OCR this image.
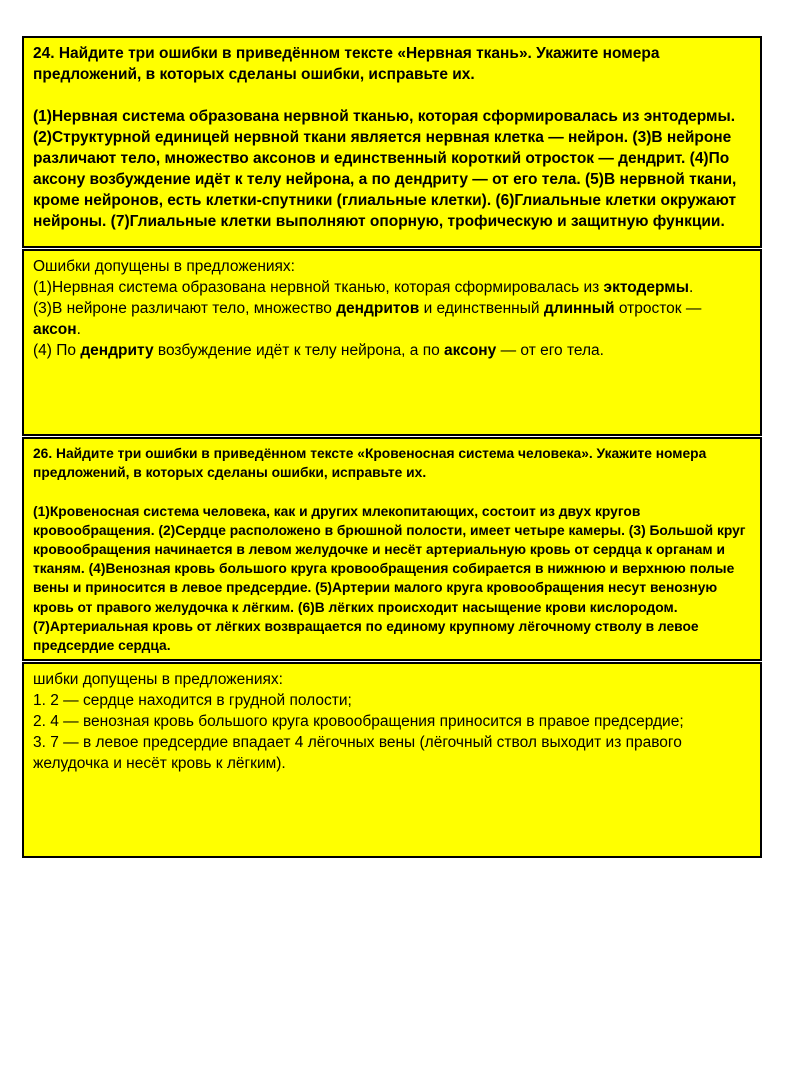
24. Найдите три ошибки в приведённом тексте «Нервная ткань». Укажите номера предложений, в которых сделаны ошибки, исправьте их.

(1)Нервная система образована нервной тканью, которая сформировалась из энтодермы. (2)Структурной единицей нервной ткани является нервная клетка — нейрон. (3)В нейроне различают тело, множество аксонов и единственный короткий отросток — дендрит. (4)По аксону возбуждение идёт к телу нейрона, а по дендриту — от его тела. (5)В нервной ткани, кроме нейронов, есть клетки-спутники (глиальные клетки). (6)Глиальные клетки окружают нейроны. (7)Глиальные клетки выполняют опорную, трофическую и защитную функции.

Ошибки допущены в предложениях:

(1)Нервная система образована нервной тканью, которая сформировалась из эктодермы.

(3)В нейроне различают тело, множество дендритов и единственный длинный отросток — аксон.

(4) По дендриту возбуждение идёт к телу нейрона, а по аксону — от его тела.

26. Найдите три ошибки в приведённом тексте «Кровеносная система человека». Укажите номера предложений, в которых сделаны ошибки, исправьте их.

(1)Кровеносная система человека, как и других млекопитающих, состоит из двух кругов кровообращения. (2)Сердце расположено в брюшной полости, имеет четыре камеры. (3) Большой круг кровообращения начинается в левом желудочке и несёт артериальную кровь от сердца к органам и тканям. (4)Венозная кровь большого круга кровообращения собирается в нижнюю и верхнюю полые вены и приносится в левое предсердие. (5)Артерии малого круга кровообращения несут венозную кровь от правого желудочка к лёгким. (6)В лёгких происходит насыщение крови кислородом. (7)Артериальная кровь от лёгких возвращается по единому крупному лёгочному стволу в левое предсердие сердца.

шибки допущены в предложениях:

1. 2 — сердце находится в грудной полости;

2. 4 — венозная кровь большого круга кровообращения приносится в правое предсердие;

3. 7 — в левое предсердие впадает 4 лёгочных вены (лёгочный ствол выходит из правого желудочка и несёт кровь к лёгким).
